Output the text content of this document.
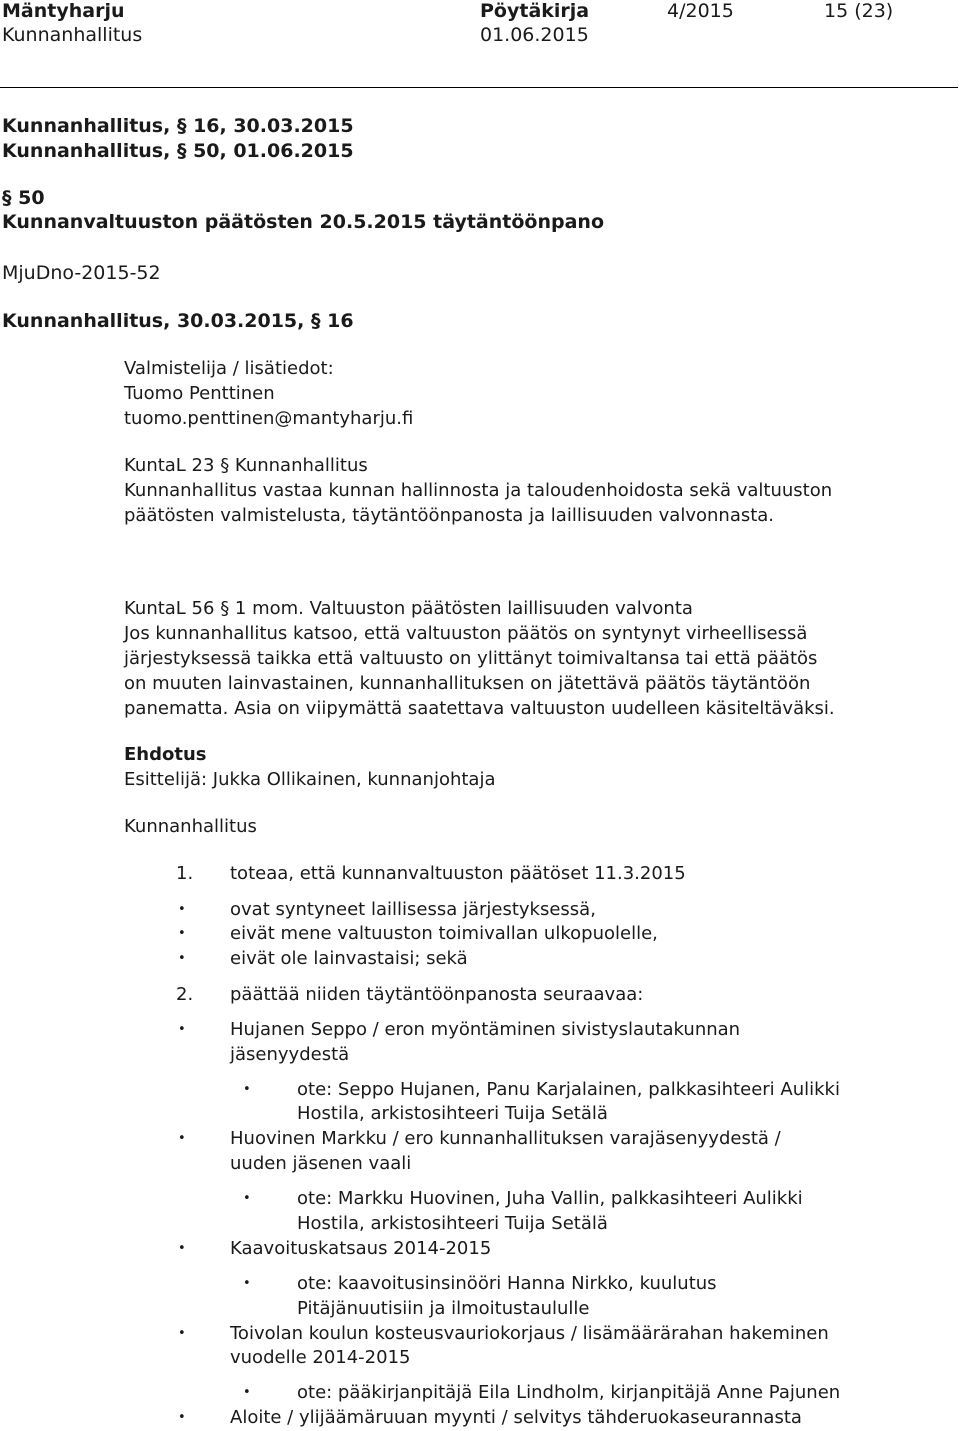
Mäntyharju
Kunnanhallitus
Pöytäkirja
01.06.2015
4/2015	15 (23)
Kunnanhallitus, § 16, 30.03.2015
Kunnanhallitus, § 50, 01.06.2015
§ 50
Kunnanvaltuuston päätösten 20.5.2015 täytäntöönpano
MjuDno-2015-52
Kunnanhallitus, 30.03.2015, § 16
Valmistelija / lisätiedot:
Tuomo Penttinen
tuomo.penttinen@mantyharju.fi
KuntaL 23 § Kunnanhallitus
Kunnanhallitus vastaa kunnan hallinnosta ja taloudenhoidosta sekä valtuuston
päätösten valmistelusta, täytäntöönpanosta ja laillisuuden valvonnasta.
KuntaL 56 § 1 mom. Valtuuston päätösten laillisuuden valvonta
Jos kunnanhallitus katsoo, että valtuuston päätös on syntynyt virheellisessä
järjestyksessä taikka että valtuusto on ylittänyt toimivaltansa tai että päätös
on muuten lainvastainen, kunnanhallituksen on jätettävä päätös täytäntöön
panematta. Asia on viipymättä saatettava valtuuston uudelleen käsiteltäväksi.
Ehdotus
Esittelijä: Jukka Ollikainen, kunnanjohtaja
Kunnanhallitus
1. toteaa, että kunnanvaltuuston päätöset 11.3.2015
• ovat syntyneet laillisessa järjestyksessä,
• eivät mene valtuuston toimivallan ulkopuolelle,
• eivät ole lainvastaisi; sekä
2. päättää niiden täytäntöönpanosta seuraavaa:
• Hujanen Seppo / eron myöntäminen sivistyslautakunnan
jäsenyydestä
•	ote: Seppo Hujanen, Panu Karjalainen, palkkasihteeri Aulikki
Hostila, arkistosihteeri Tuija Setälä
• Huovinen Markku / ero kunnanhallituksen varajäsenyydestä /
uuden jäsenen vaali
•	ote: Markku Huovinen, Juha Vallin, palkkasihteeri Aulikki
Hostila, arkistosihteeri Tuija Setälä
• Kaavoituskatsaus 2014-2015
•	ote: kaavoitusinsinööri Hanna Nirkko, kuulutus
Pitäjänuutisiin ja ilmoitustaululle
• Toivolan koulun kosteusvauriokorjaus / lisämäärärahan hakeminen
vuodelle 2014-2015
•	ote: pääkirjanpitäjä Eila Lindholm, kirjanpitäjä Anne Pajunen
• Aloite / ylijäämäruuan myynti / selvitys tähderuokaseurannasta
